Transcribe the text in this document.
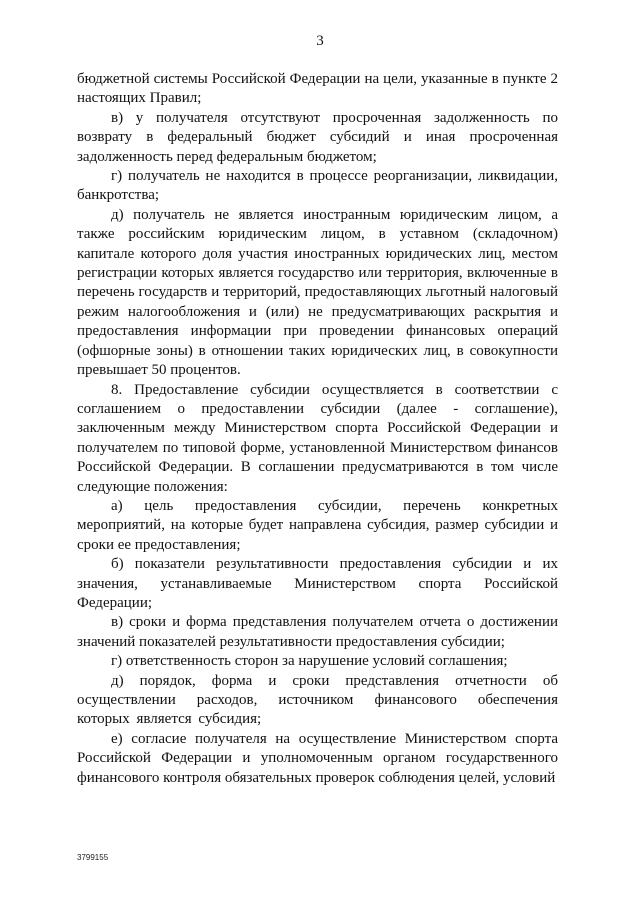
3

бюджетной системы Российской Федерации на цели, указанные в пункте 2 настоящих Правил;

в) у получателя отсутствуют просроченная задолженность по возврату в федеральный бюджет субсидий и иная просроченная задолженность перед федеральным бюджетом;

г) получатель не находится в процессе реорганизации, ликвидации, банкротства;

д) получатель не является иностранным юридическим лицом, а также российским юридическим лицом, в уставном (складочном) капитале которого доля участия иностранных юридических лиц, местом регистрации которых является государство или территория, включенные в перечень государств и территорий, предоставляющих льготный налоговый режим налогообложения и (или) не предусматривающих раскрытия и предоставления информации при проведении финансовых операций (офшорные зоны) в отношении таких юридических лиц, в совокупности превышает 50 процентов.

8. Предоставление субсидии осуществляется в соответствии с соглашением о предоставлении субсидии (далее - соглашение), заключенным между Министерством спорта Российской Федерации и получателем по типовой форме, установленной Министерством финансов Российской Федерации. В соглашении предусматриваются в том числе следующие положения:

а) цель предоставления субсидии, перечень конкретных мероприятий, на которые будет направлена субсидия, размер субсидии и сроки ее предоставления;

б) показатели результативности предоставления субсидии и их значения, устанавливаемые Министерством спорта Российской Федерации;

в) сроки и форма представления получателем отчета о достижении значений показателей результативности предоставления субсидии;

г) ответственность сторон за нарушение условий соглашения;

д) порядок, форма и сроки представления отчетности об осуществлении расходов, источником финансового обеспечения которых является субсидия;

е) согласие получателя на осуществление Министерством спорта Российской Федерации и уполномоченным органом государственного финансового контроля обязательных проверок соблюдения целей, условий

3799155
